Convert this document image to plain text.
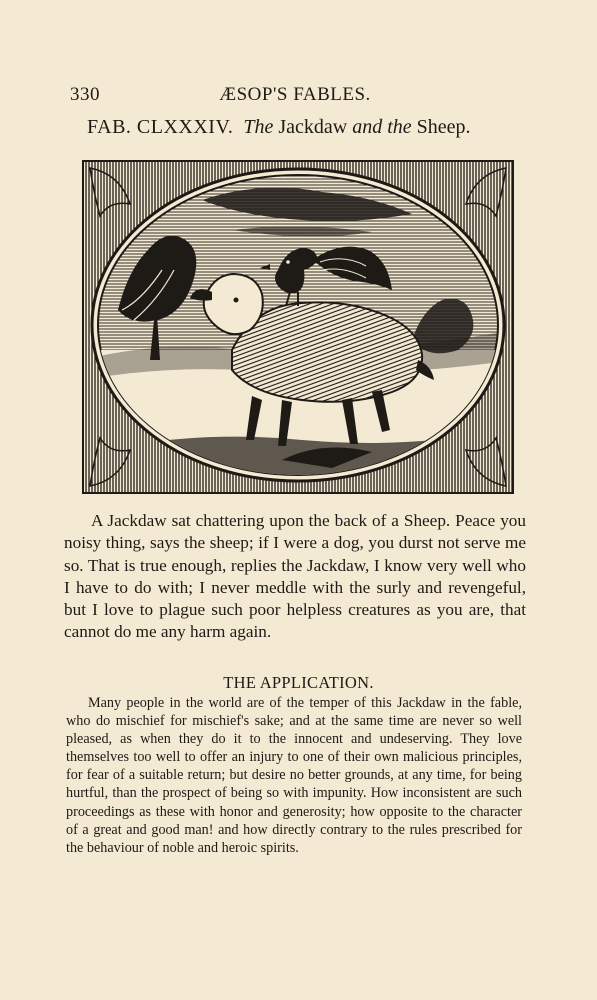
330	ÆSOP'S FABLES.
FAB. CLXXXIV. The Jackdaw and the Sheep.

A Jackdaw sat chattering upon the back of a Sheep. Peace you noisy thing, says the sheep; if I were a dog, you durst not serve me so. That is true enough, replies the Jackdaw, I know very well who I have to do with; I never meddle with the surly and revengeful, but I love to plague such poor helpless creatures as you are, that cannot do me any harm again.

THE APPLICATION.

Many people in the world are of the temper of this Jackdaw in the fable, who do mischief for mischief's sake; and at the same time are never so well pleased, as when they do it to the innocent and undeserving. They love themselves too well to offer an injury to one of their own malicious principles, for fear of a suitable return; but desire no better grounds, at any time, for being hurtful, than the prospect of being so with impunity. How inconsistent are such proceedings as these with honor and generosity; how opposite to the character of a great and good man! and how directly contrary to the rules prescribed for the behaviour of noble and heroic spirits.
